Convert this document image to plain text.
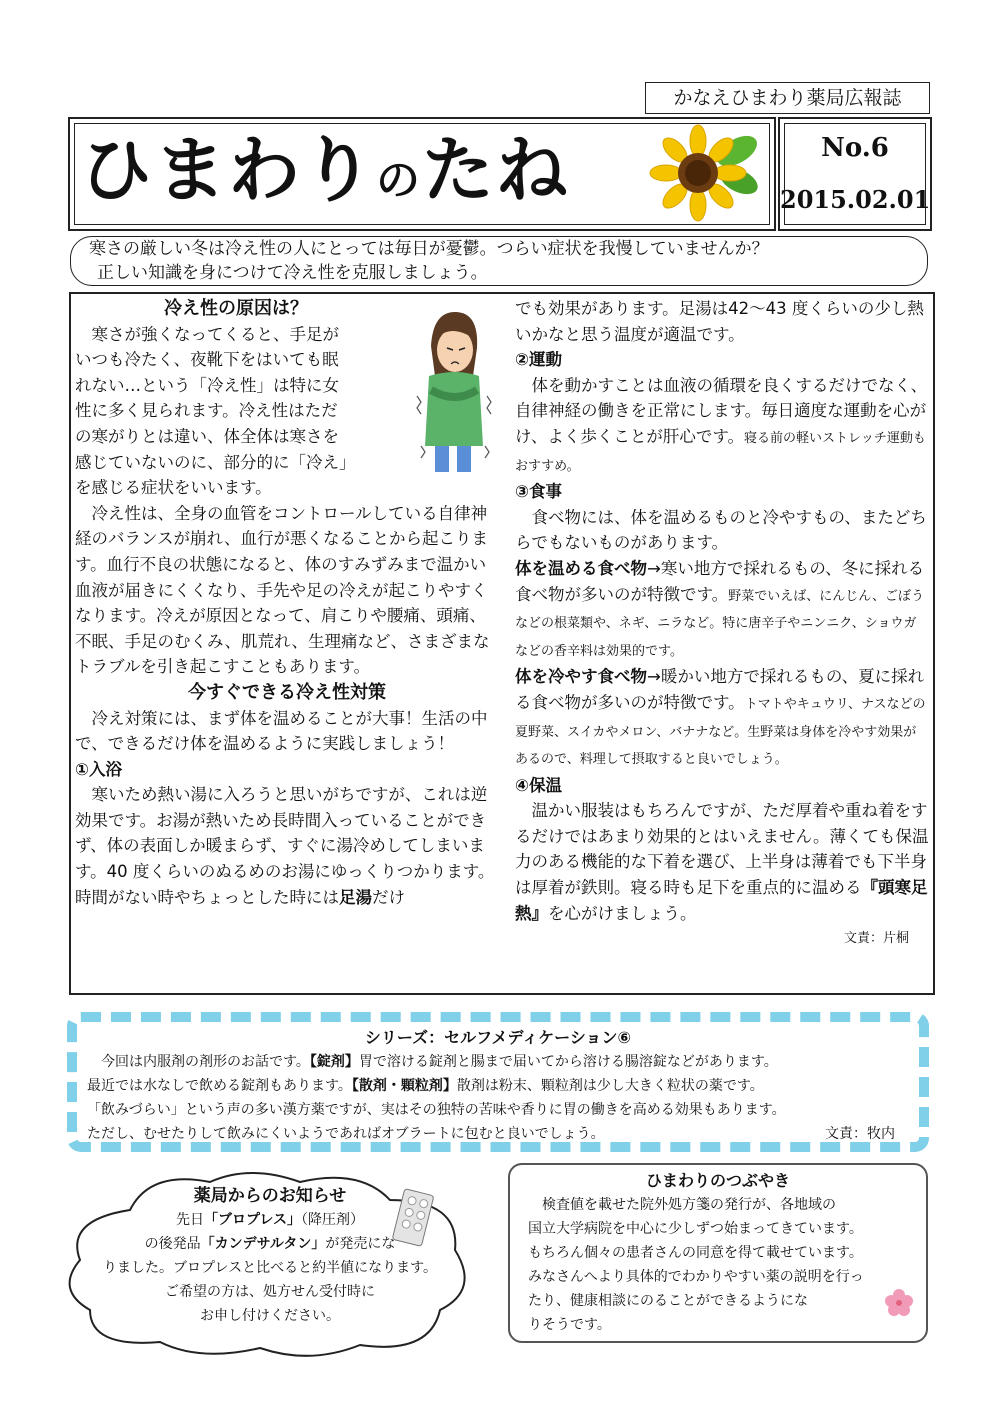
かなえひまわり薬局広報誌
ひまわりのたね	No.6
2015.02.01
寒さの厳しい冬は冷え性の人にとっては毎日が憂鬱。つらい症状を我慢していませんか？
正しい知識を身につけて冷え性を克服しましょう。

冷え性の原因は？

寒さが強くなってくると、手足が

いつも冷たく、夜靴下をはいても眠

れない…という「冷え性」は特に女

性に多く見られます。冷え性はただ

の寒がりとは違い、体全体は寒さを

感じていないのに、部分的に「冷え」

を感じる症状をいいます。

冷え性は、全身の血管をコントロールしている自律神経のバランスが崩れ、血行が悪くなることから起こります。血行不良の状態になると、体のすみずみまで温かい血液が届きにくくなり、手先や足の冷えが起こりやすくなります。冷えが原因となって、肩こりや腰痛、頭痛、不眠、手足のむくみ、肌荒れ、生理痛など、さまざまなトラブルを引き起こすこともあります。

今すぐできる冷え性対策

冷え対策には、まず体を温めることが大事！生活の中で、できるだけ体を温めるように実践しましょう！

①入浴

寒いため熱い湯に入ろうと思いがちですが、これは逆効果です。お湯が熱いため長時間入っていることができず、体の表面しか暖まらず、すぐに湯冷めしてしまいます。40 度くらいのぬるめのお湯にゆっくりつかります。

時間がない時やちょっとした時には足湯だけ

でも効果があります。足湯は42～43 度くらいの少し熱いかなと思う温度が適温です。

②運動

体を動かすことは血液の循環を良くするだけでなく、自律神経の働きを正常にします。毎日適度な運動を心がけ、よく歩くことが肝心です。寝る前の軽いストレッチ運動もおすすめ。

③食事

食べ物には、体を温めるものと冷やすもの、またどちらでもないものがあります。

体を温める食べ物→寒い地方で採れるもの、冬に採れる食べ物が多いのが特徴です。野菜でいえば、にんじん、ごぼうなどの根菜類や、ネギ、ニラなど。特に唐辛子やニンニク、ショウガなどの香辛料は効果的です。

体を冷やす食べ物→暖かい地方で採れるもの、夏に採れる食べ物が多いのが特徴です。トマトやキュウリ、ナスなどの夏野菜、スイカやメロン、バナナなど。生野菜は身体を冷やす効果があるので、料理して摂取すると良いでしょう。

④保温

温かい服装はもちろんですが、ただ厚着や重ね着をするだけではあまり効果的とはいえません。薄くても保温力のある機能的な下着を選び、上半身は薄着でも下半身は厚着が鉄則。寝る時も足下を重点的に温める『頭寒足熱』を心がけましょう。

文責：片桐

シリーズ：セルフメディケーション⑥

今回は内服剤の剤形のお話です。【錠剤】胃で溶ける錠剤と腸まで届いてから溶ける腸溶錠などがあります。

最近では水なしで飲める錠剤もあります。【散剤・顆粒剤】散剤は粉末、顆粒剤は少し大きく粒状の薬です。

「飲みづらい」という声の多い漢方薬ですが、実はその独特の苦味や香りに胃の働きを高める効果もあります。

ただし、むせたりして飲みにくいようであればオブラートに包むと良いでしょう。	文責：牧内

薬局からのお知らせ

先日「ブロプレス」（降圧剤）

の後発品「カンデサルタン」が発売にな

りました。ブロプレスと比べると約半値になります。

ご希望の方は、処方せん受付時に

お申し付けください。

ひまわりのつぶやき

検査値を載せた院外処方箋の発行が、各地域の

国立大学病院を中心に少しずつ始まってきています。

もちろん個々の患者さんの同意を得て載せています。

みなさんへより具体的でわかりやすい薬の説明を行っ

たり、健康相談にのることができるようにな

りそうです。
